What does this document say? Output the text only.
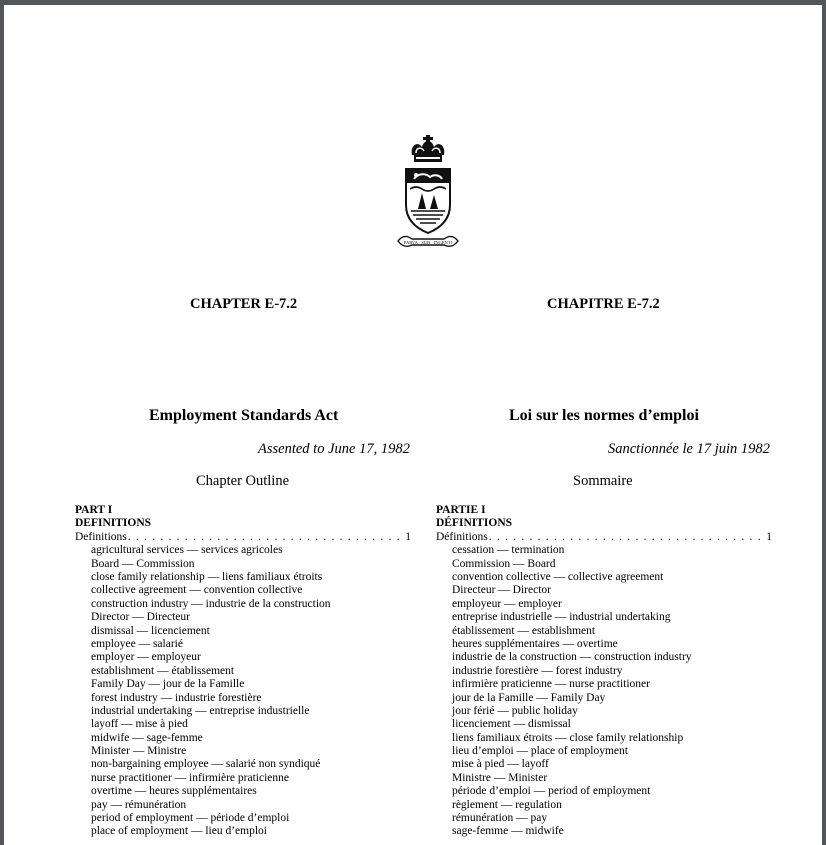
PARVA · SUB · INGENTI
CHAPTER E-7.2	CHAPITRE E-7.2
Employment Standards Act	Loi sur les normes d’emploi
Assented to June 17, 1982	Sanctionnée le 17 juin 1982
Chapter Outline	Sommaire
PART I
DEFINITIONS
Definitions . . .	1
agricultural services — services agricoles
Board — Commission
close family relationship — liens familiaux étroits
collective agreement — convention collective
construction industry — industrie de la construction
Director — Directeur
dismissal — licenciement
employee — salarié
employer — employeur
establishment — établissement
Family Day — jour de la Famille
forest industry — industrie forestière
industrial undertaking — entreprise industrielle
layoff — mise à pied
midwife — sage-femme
Minister — Ministre
non-bargaining employee — salarié non syndiqué
nurse practitioner — infirmière praticienne
overtime — heures supplémentaires
pay — rémunération
period of employment — période d’emploi
place of employment — lieu d’emploi
PARTIE I
DÉFINITIONS
Définitions . . .	1
cessation — termination
Commission — Board
convention collective — collective agreement
Directeur — Director
employeur — employer
entreprise industrielle — industrial undertaking
établissement — establishment
heures supplémentaires — overtime
industrie de la construction — construction industry
industrie forestière — forest industry
infirmière praticienne — nurse practitioner
jour de la Famille — Family Day
jour férié — public holiday
licenciement — dismissal
liens familiaux étroits — close family relationship
lieu d’emploi — place of employment
mise à pied — layoff
Ministre — Minister
période d’emploi — period of employment
règlement — regulation
rémunération — pay
sage-femme — midwife
